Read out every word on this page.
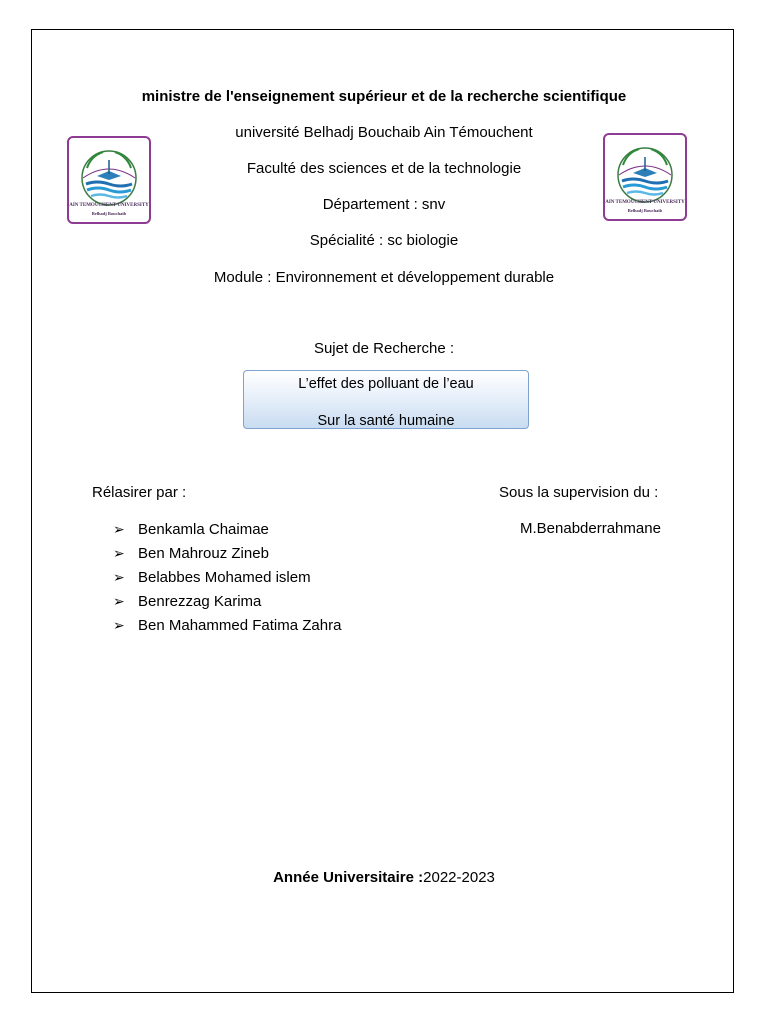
ministre de l'enseignement supérieur et de la recherche scientifique
université Belhadj Bouchaib Ain Témouchent
Faculté des sciences et de la technologie
Département : snv
Spécialité : sc biologie
Module : Environnement et développement durable
AIN TEMOUCHENT UNIVERSITY
Belhadj Bouchaib
AIN TEMOUCHENT UNIVERSITY
Belhadj Bouchaib
Sujet de Recherche :
L’effet des polluant de l’eau
Sur la santé humaine
Rélasirer par :	Sous la supervision du :
M.Benabderrahmane
➢ Benkamla Chaimae
➢ Ben Mahrouz Zineb
➢ Belabbes Mohamed islem
➢ Benrezzag Karima
➢ Ben Mahammed Fatima Zahra
Année Universitaire :2022-2023
